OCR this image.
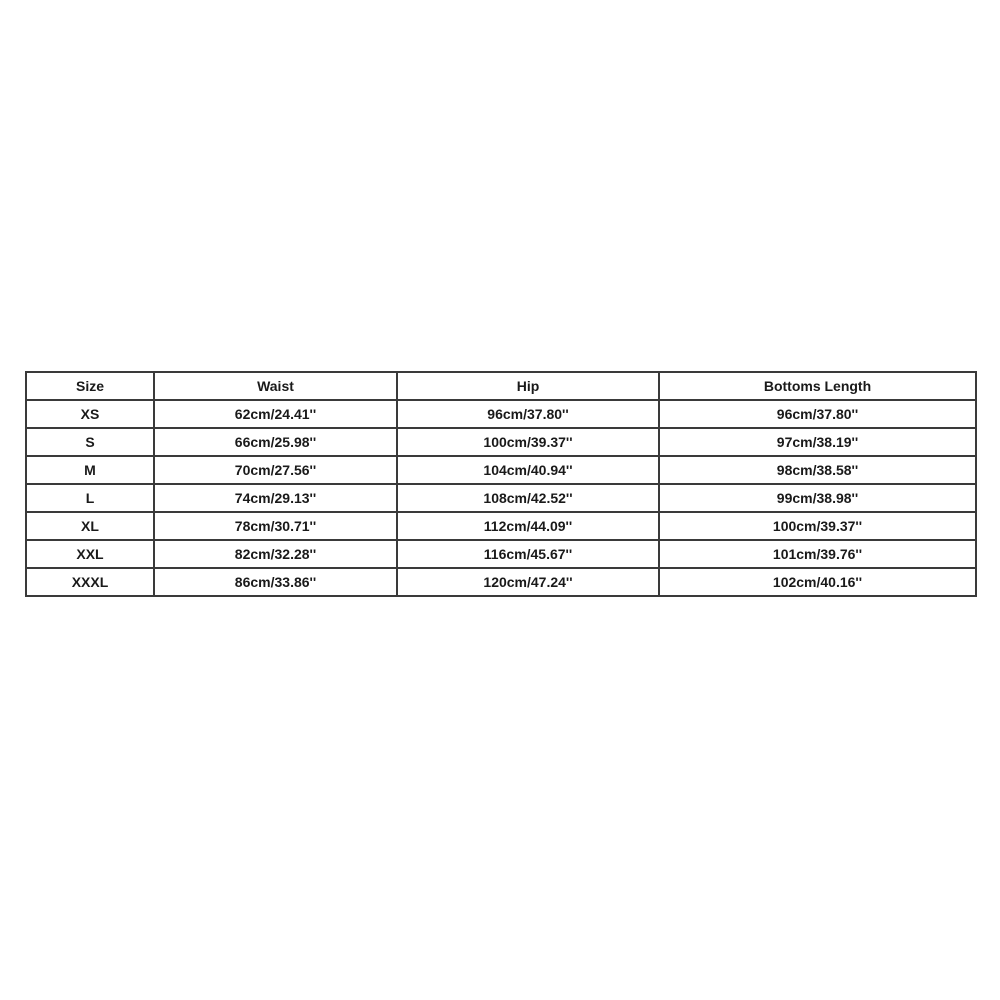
Size	Waist	Hip	Bottoms Length
XS	62cm/24.41''	96cm/37.80''	96cm/37.80''
S	66cm/25.98''	100cm/39.37''	97cm/38.19''
M	70cm/27.56''	104cm/40.94''	98cm/38.58''
L	74cm/29.13''	108cm/42.52''	99cm/38.98''
XL	78cm/30.71''	112cm/44.09''	100cm/39.37''
XXL	82cm/32.28''	116cm/45.67''	101cm/39.76''
XXXL	86cm/33.86''	120cm/47.24''	102cm/40.16''
